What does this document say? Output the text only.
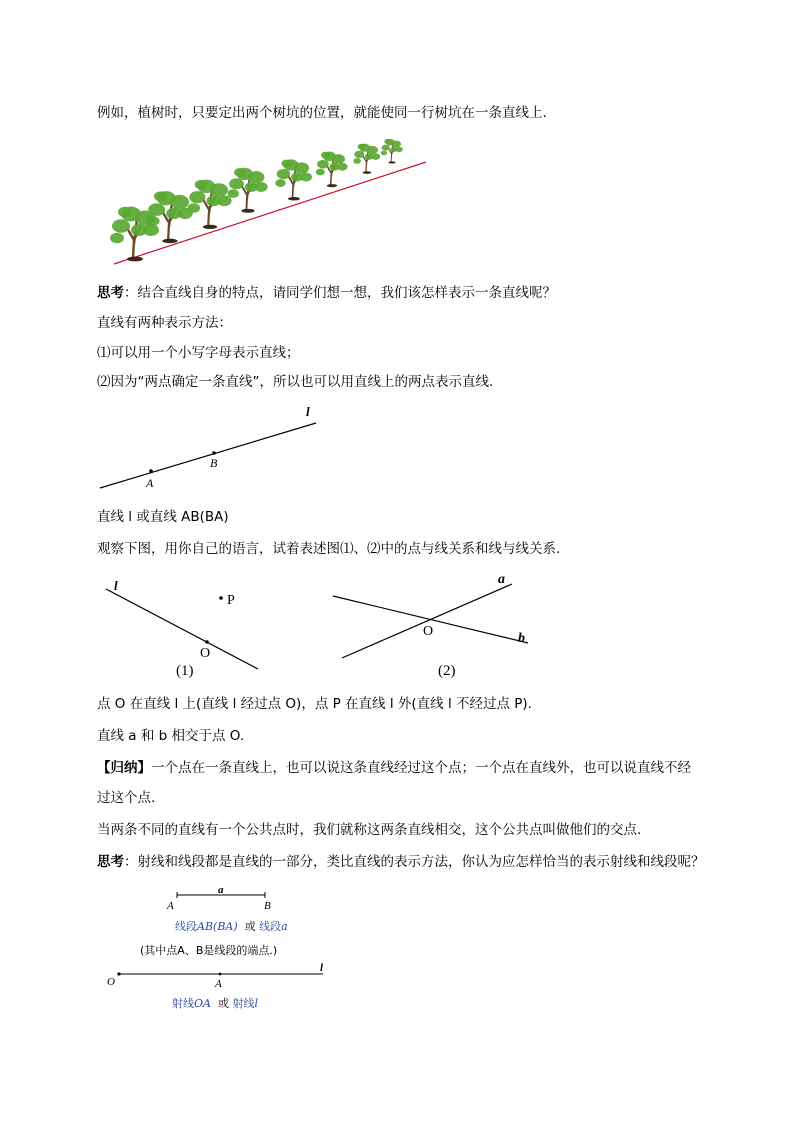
例如，植树时，只要定出两个树坑的位置，就能使同一行树坑在一条直线上.
思考：结合直线自身的特点，请同学们想一想，我们该怎样表示一条直线呢？
直线有两种表示方法：
⑴可以用一个小写字母表示直线；
⑵因为“两点确定一条直线”，所以也可以用直线上的两点表示直线.
l
A
B
直线 l 或直线 AB(BA)
观察下图，用你自己的语言，试着表述图⑴、⑵中的点与线关系和线与线关系.
l
P
O
(1)
a
b
O
(2)
点 O 在直线 l 上(直线 l 经过点 O)，点 P 在直线 l 外(直线 l 不经过点 P).
直线 a 和 b 相交于点 O.
【归纳】一个点在一条直线上，也可以说这条直线经过这个点；一个点在直线外，也可以说直线不经
过这个点.
当两条不同的直线有一个公共点时，我们就称这两条直线相交，这个公共点叫做他们的交点.
思考：射线和线段都是直线的一部分，类比直线的表示方法，你认为应怎样恰当的表示射线和线段呢？
a
A	B
线段AB(BA) 或 线段a
(其中点A、B是线段的端点.)
O	A
l
射线OA 或 射线l
